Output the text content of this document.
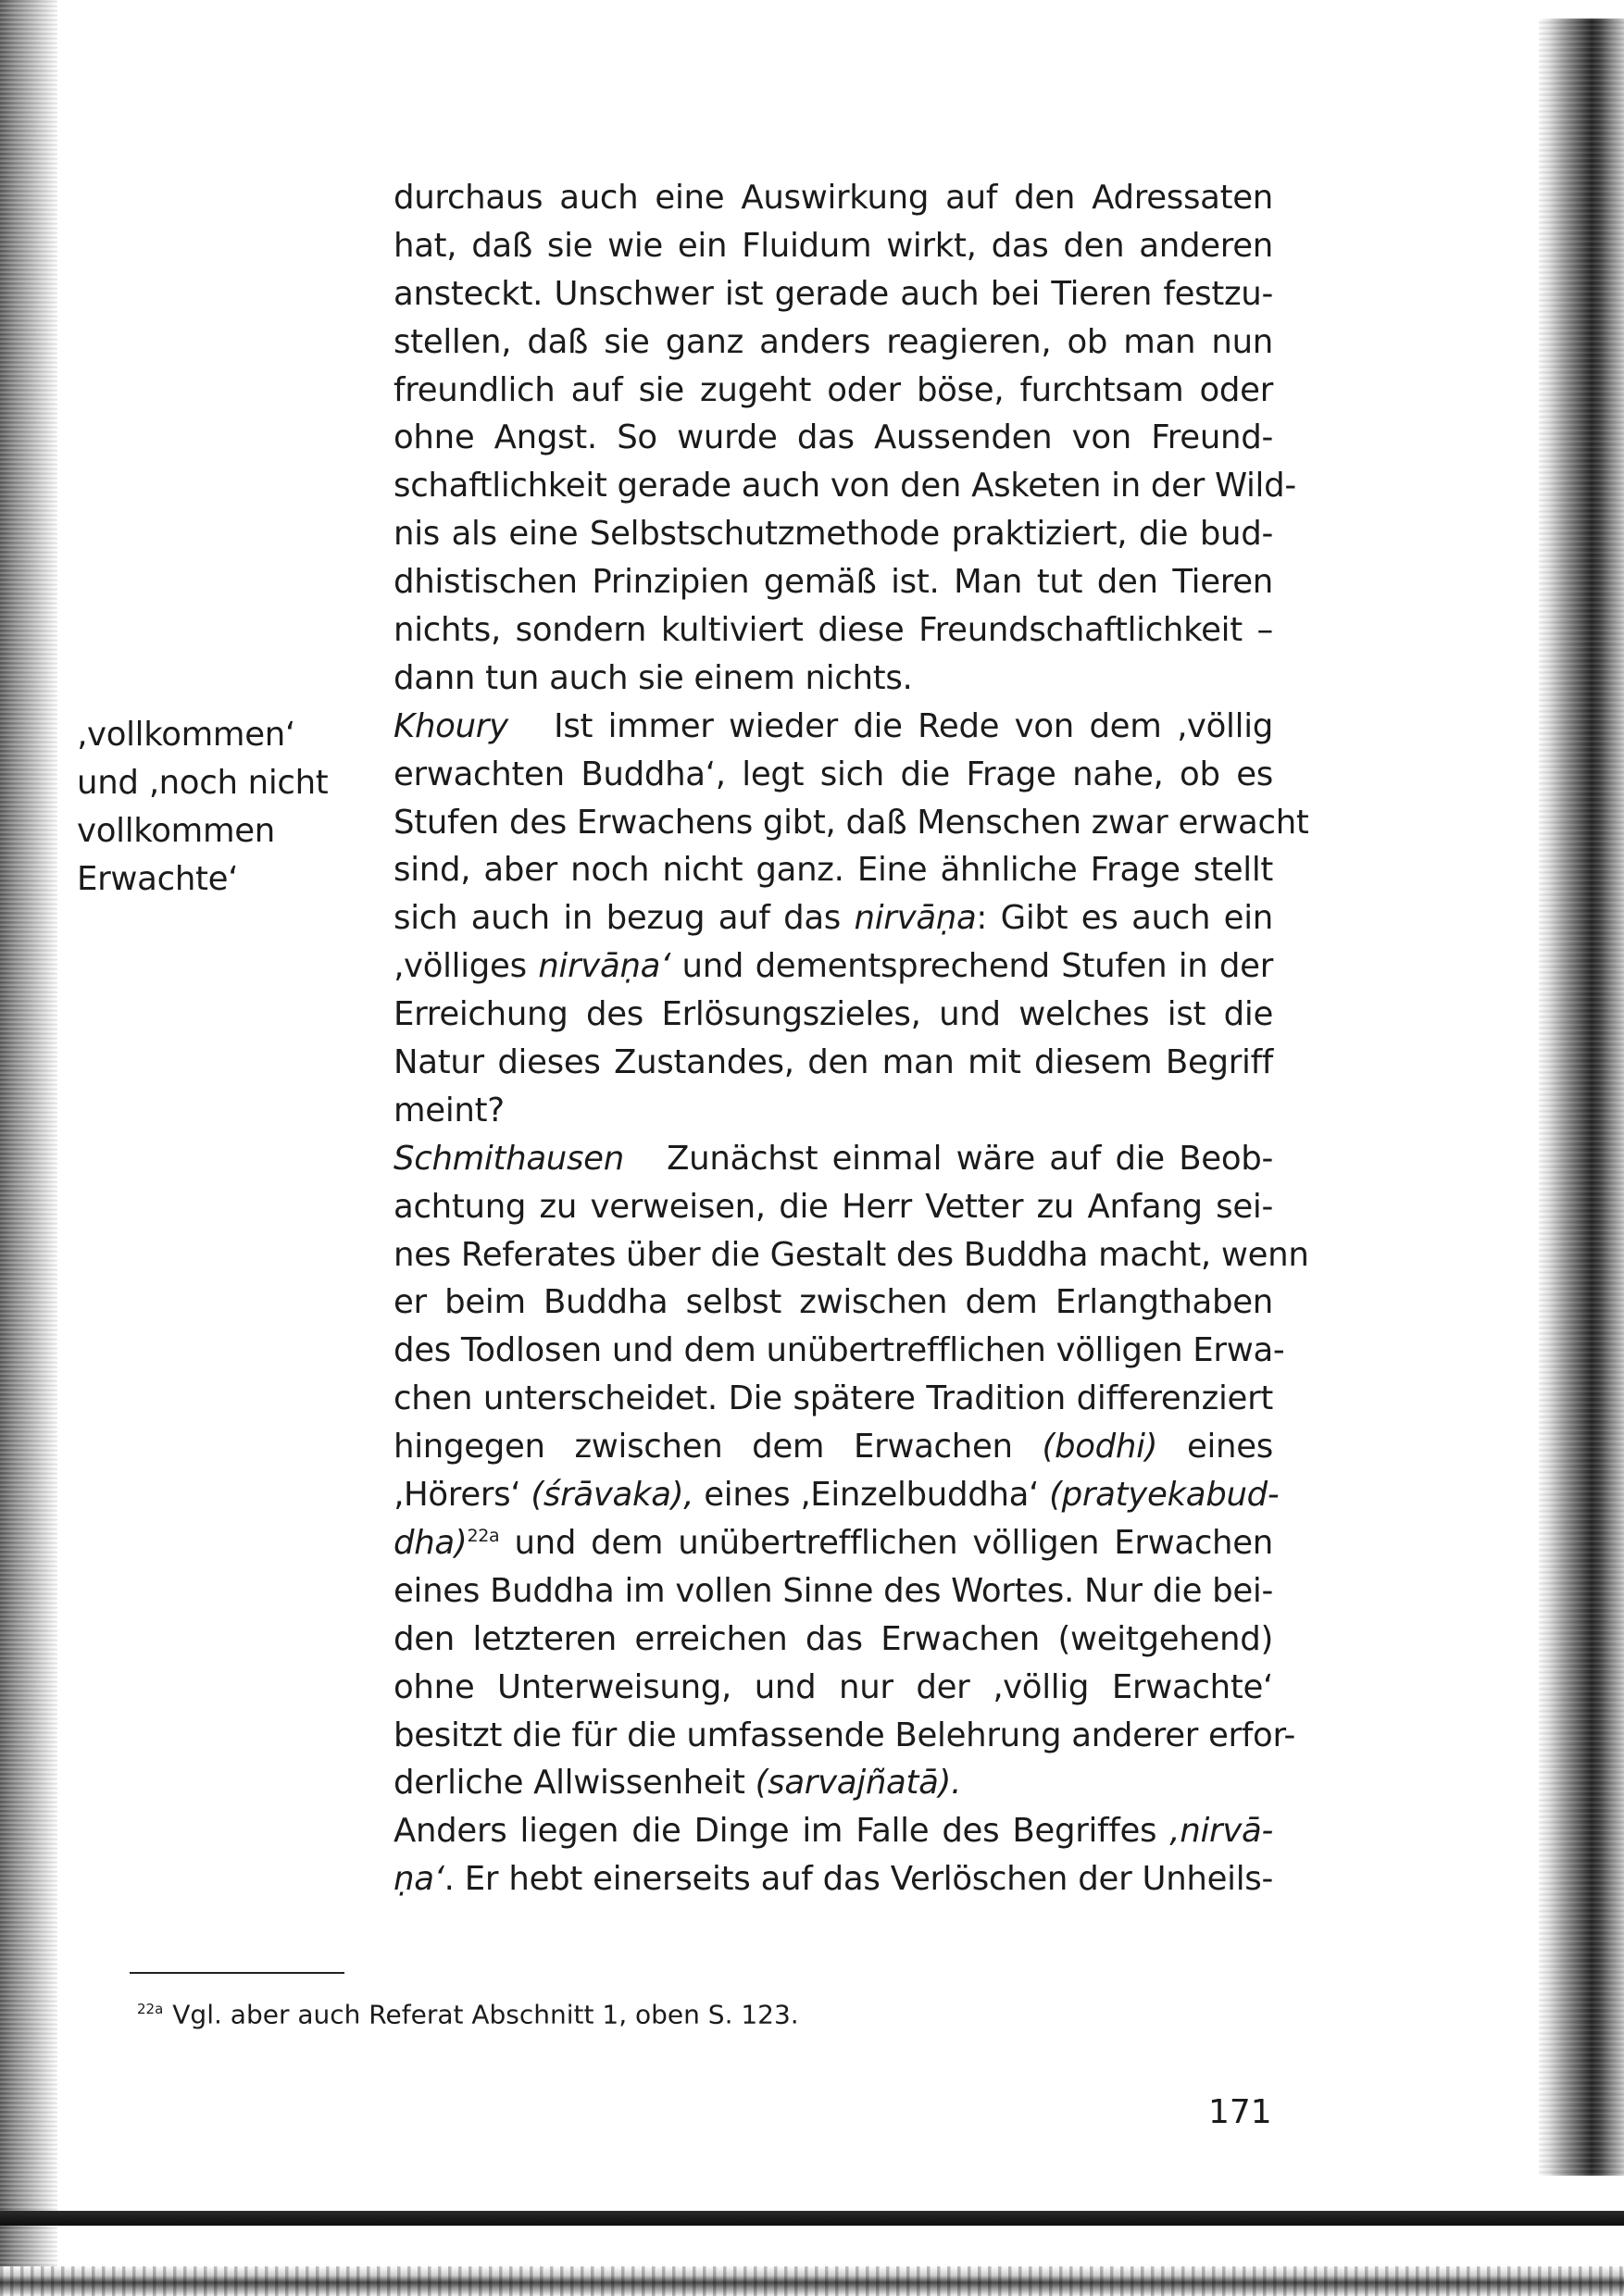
‚vollkommen‘
und ‚noch nicht
vollkommen
Erwachte‘
durchaus auch eine Auswirkung auf den Adressaten
hat, daß sie wie ein Fluidum wirkt, das den anderen
ansteckt. Unschwer ist gerade auch bei Tieren festzu-
stellen, daß sie ganz anders reagieren, ob man nun
freundlich auf sie zugeht oder böse, furchtsam oder
ohne Angst. So wurde das Aussenden von Freund-
schaftlichkeit gerade auch von den Asketen in der Wild-
nis als eine Selbstschutzmethode praktiziert, die bud-
dhistischen Prinzipien gemäß ist. Man tut den Tieren
nichts, sondern kultiviert diese Freundschaftlichkeit –
dann tun auch sie einem nichts.
Khoury Ist immer wieder die Rede von dem ‚völlig
erwachten Buddha‘, legt sich die Frage nahe, ob es
Stufen des Erwachens gibt, daß Menschen zwar erwacht
sind, aber noch nicht ganz. Eine ähnliche Frage stellt
sich auch in bezug auf das nirvāṇa: Gibt es auch ein
‚völliges nirvāṇa‘ und dementsprechend Stufen in der
Erreichung des Erlösungszieles, und welches ist die
Natur dieses Zustandes, den man mit diesem Begriff
meint?
Schmithausen Zunächst einmal wäre auf die Beob-
achtung zu verweisen, die Herr Vetter zu Anfang sei-
nes Referates über die Gestalt des Buddha macht, wenn
er beim Buddha selbst zwischen dem Erlangthaben
des Todlosen und dem unübertrefflichen völligen Erwa-
chen unterscheidet. Die spätere Tradition differenziert
hingegen zwischen dem Erwachen (bodhi) eines
‚Hörers‘ (śrāvaka), eines ‚Einzelbuddha‘ (pratyekabud-
dha)$^{22a}$ und dem unübertrefflichen völligen Erwachen
eines Buddha im vollen Sinne des Wortes. Nur die bei-
den letzteren erreichen das Erwachen (weitgehend)
ohne Unterweisung, und nur der ‚völlig Erwachte‘
besitzt die für die umfassende Belehrung anderer erfor-
derliche Allwissenheit (sarvajñatā).
Anders liegen die Dinge im Falle des Begriffes ‚nirvā-
ṇa‘. Er hebt einerseits auf das Verlöschen der Unheils-
$^{22a}$ Vgl. aber auch Referat Abschnitt 1, oben S. 123.
171
